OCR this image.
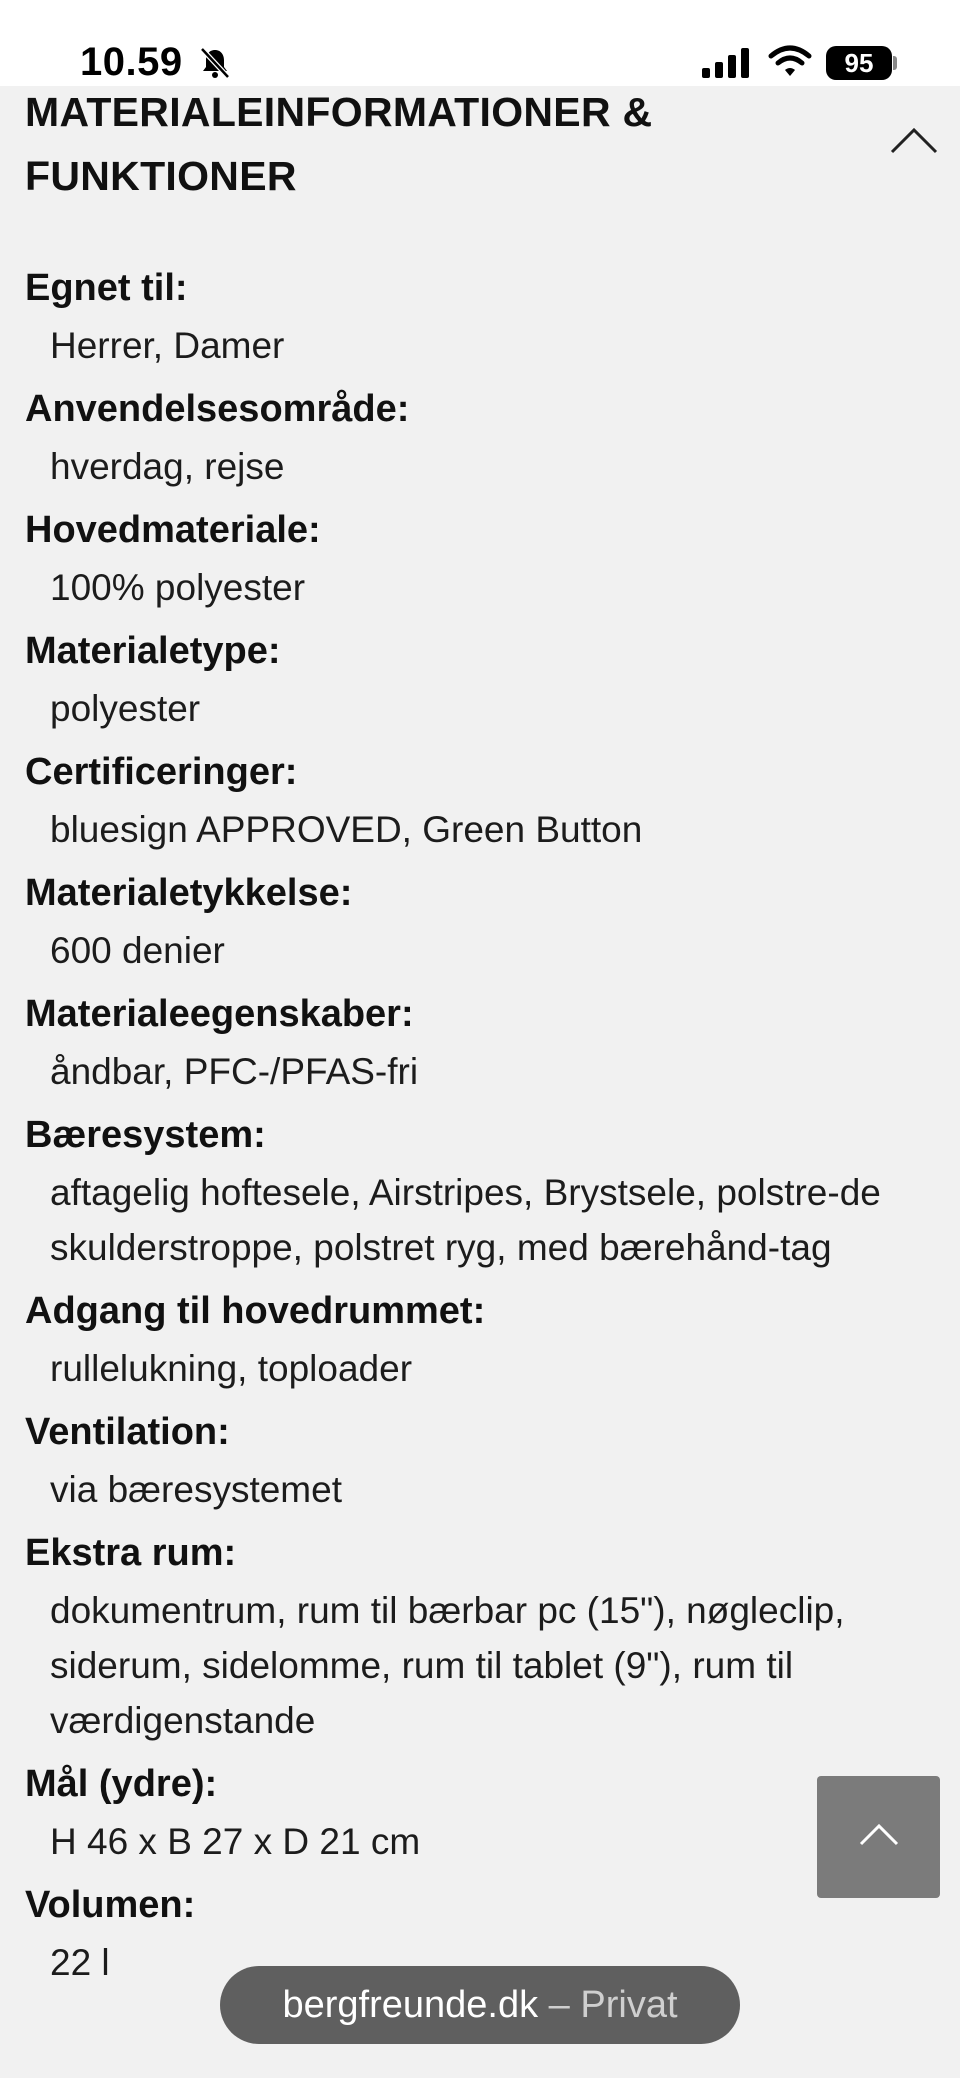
10.59	95
MATERIALEINFORMATIONER & FUNKTIONER
Egnet til:
Herrer, Damer
Anvendelsesområde:
hverdag, rejse
Hovedmateriale:
100% polyester
Materialetype:
polyester
Certificeringer:
bluesign APPROVED, Green Button
Materialetykkelse:
600 denier
Materialeegenskaber:
åndbar, PFC-/PFAS-fri
Bæresystem:
aftagelig hoftesele, Airstripes, Brystsele, polstre-de skulderstroppe, polstret ryg, med bærehånd-tag
Adgang til hovedrummet:
rullelukning, toploader
Ventilation:
via bæresystemet
Ekstra rum:
dokumentrum, rum til bærbar pc (15"), nøgleclip, siderum, sidelomme, rum til tablet (9"), rum til værdigenstande
Mål (ydre):
H 46 x B 27 x D 21 cm
Volumen:
22 l
bergfreunde.dk – Privat
